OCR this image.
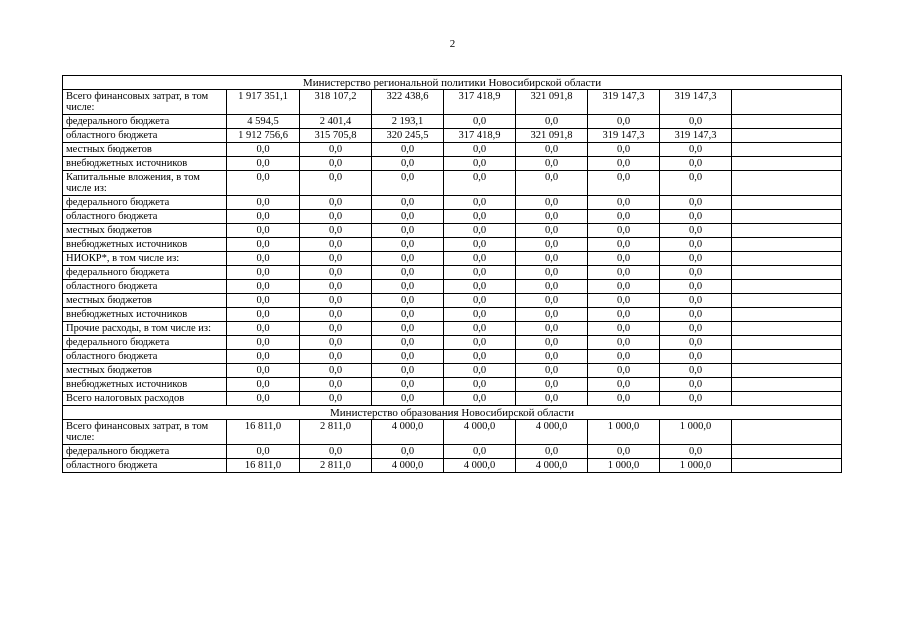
2
Министерство региональной политики Новосибирской области								
Всего финансовых затрат, в том числе:	1 917 351,1	318 107,2	322 438,6	317 418,9	321 091,8	319 147,3	319 147,3	
федерального бюджета	4 594,5	2 401,4	2 193,1	0,0	0,0	0,0	0,0	
областного бюджета	1 912 756,6	315 705,8	320 245,5	317 418,9	321 091,8	319 147,3	319 147,3	
местных бюджетов	0,0	0,0	0,0	0,0	0,0	0,0	0,0	
внебюджетных источников	0,0	0,0	0,0	0,0	0,0	0,0	0,0	
Капитальные вложения, в том числе из:	0,0	0,0	0,0	0,0	0,0	0,0	0,0	
федерального бюджета	0,0	0,0	0,0	0,0	0,0	0,0	0,0	
областного бюджета	0,0	0,0	0,0	0,0	0,0	0,0	0,0	
местных бюджетов	0,0	0,0	0,0	0,0	0,0	0,0	0,0	
внебюджетных источников	0,0	0,0	0,0	0,0	0,0	0,0	0,0	
НИОКР*, в том числе из:	0,0	0,0	0,0	0,0	0,0	0,0	0,0	
федерального бюджета	0,0	0,0	0,0	0,0	0,0	0,0	0,0	
областного бюджета	0,0	0,0	0,0	0,0	0,0	0,0	0,0	
местных бюджетов	0,0	0,0	0,0	0,0	0,0	0,0	0,0	
внебюджетных источников	0,0	0,0	0,0	0,0	0,0	0,0	0,0	
Прочие расходы, в том числе из:	0,0	0,0	0,0	0,0	0,0	0,0	0,0	
федерального бюджета	0,0	0,0	0,0	0,0	0,0	0,0	0,0	
областного бюджета	0,0	0,0	0,0	0,0	0,0	0,0	0,0	
местных бюджетов	0,0	0,0	0,0	0,0	0,0	0,0	0,0	
внебюджетных источников	0,0	0,0	0,0	0,0	0,0	0,0	0,0	
Всего налоговых расходов	0,0	0,0	0,0	0,0	0,0	0,0	0,0	
Министерство образования Новосибирской области								
Всего финансовых затрат, в том числе:	16 811,0	2 811,0	4 000,0	4 000,0	4 000,0	1 000,0	1 000,0	
федерального бюджета	0,0	0,0	0,0	0,0	0,0	0,0	0,0	
областного бюджета	16 811,0	2 811,0	4 000,0	4 000,0	4 000,0	1 000,0	1 000,0	
